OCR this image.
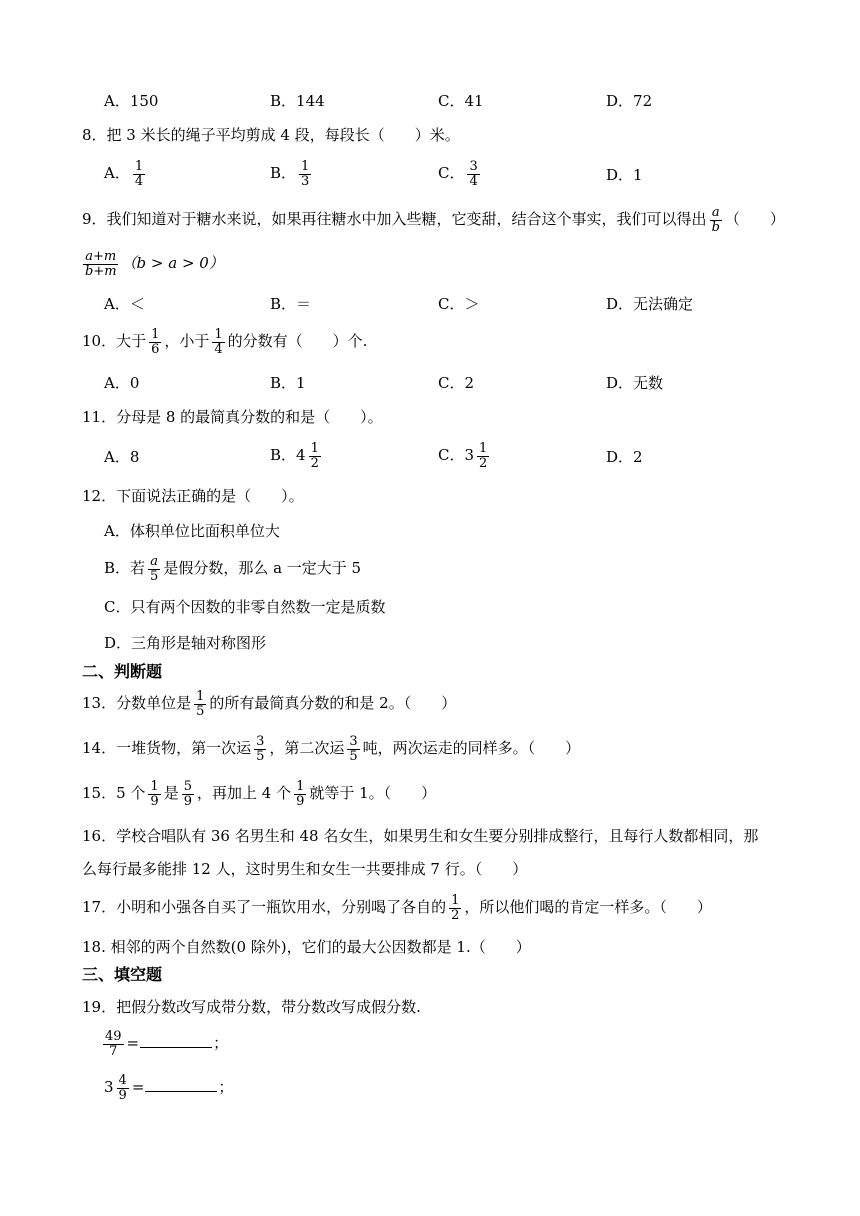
A．150	B．144	C．41	D．72
8．把 3 米长的绳子平均剪成 4 段，每段长（　　）米。
A． $\frac{1}{4}$	B． $\frac{1}{3}$	C． $\frac{3}{4}$	D．1
9．我们知道对于糖水来说，如果再往糖水中加入些糖，它变甜，结合这个事实，我们可以得出 $\frac{a}{b}$ （　　）
$\frac{a+m}{b+m} (b > a > 0)$
A．＜	B．＝	C．＞	D．无法确定
10．大于 $\frac{1}{6}$ ，小于 $\frac{1}{4}$ 的分数有（　　）个.
A．0	B．1	C．2	D．无数
11．分母是 8 的最简真分数的和是（　　）。
A．8	B．$4 \frac{1}{2}$	C．$3 \frac{1}{2}$	D．2
12．下面说法正确的是（　　）。
A．体积单位比面积单位大
B．若 $\frac{a}{5}$ 是假分数，那么 a 一定大于 5
C．只有两个因数的非零自然数一定是质数
D．三角形是轴对称图形
二、判断题
13．分数单位是 $\frac{1}{5}$ 的所有最简真分数的和是 2。（　　）
14．一堆货物，第一次运 $\frac{3}{5}$ ，第二次运 $\frac{3}{5}$ 吨，两次运走的同样多。（　　）
15．5 个 $\frac{1}{9}$ 是 $\frac{5}{9}$ ，再加上 4 个 $\frac{1}{9}$ 就等于 1。（　　）
16．学校合唱队有 36 名男生和 48 名女生，如果男生和女生要分别排成整行，且每行人数都相同，那
么每行最多能排 12 人，这时男生和女生一共要排成 7 行。（　　）
17．小明和小强各自买了一瓶饮用水，分别喝了各自的 $\frac{1}{2}$ ，所以他们喝的肯定一样多。（　　）
18. 相邻的两个自然数(0 除外)，它们的最大公因数都是 1.（　　）
三、填空题
19．把假分数改写成带分数，带分数改写成假分数.
$\frac{49}{7}$ =	；
$3 \frac{4}{9}$ =	；
